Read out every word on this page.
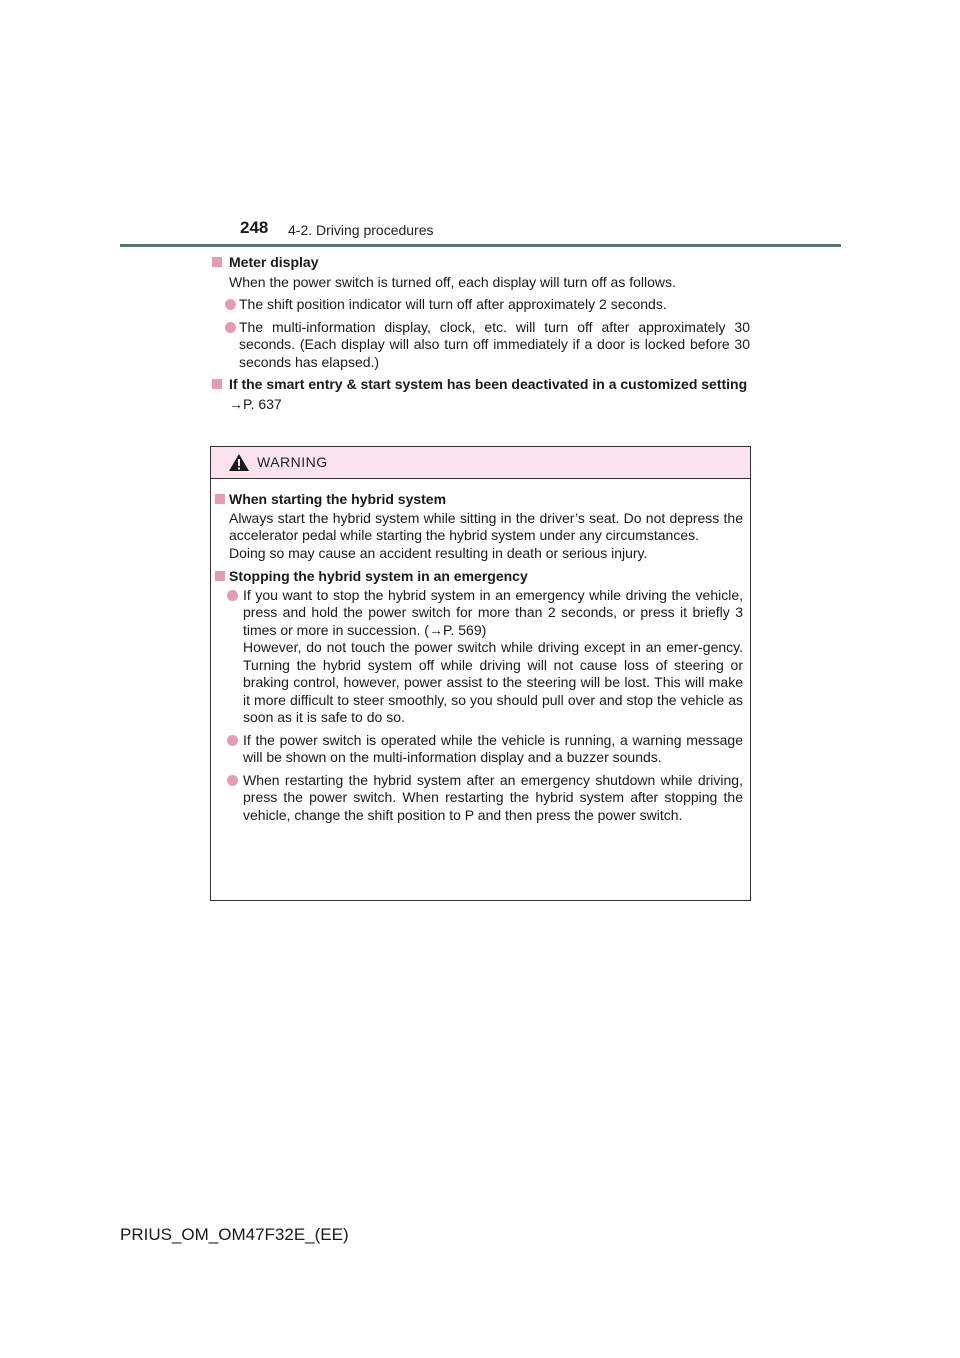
248 4-2. Driving procedures
Meter display
When the power switch is turned off, each display will turn off as follows.
The shift position indicator will turn off after approximately 2 seconds.
The multi-information display, clock, etc. will turn off after approximately 30 seconds. (Each display will also turn off immediately if a door is locked before 30 seconds has elapsed.)
If the smart entry & start system has been deactivated in a customized setting
→P. 637
WARNING
When starting the hybrid system
Always start the hybrid system while sitting in the driver’s seat. Do not depress the accelerator pedal while starting the hybrid system under any circumstances.
Doing so may cause an accident resulting in death or serious injury.
Stopping the hybrid system in an emergency
If you want to stop the hybrid system in an emergency while driving the vehicle, press and hold the power switch for more than 2 seconds, or press it briefly 3 times or more in succession. (→P. 569)
However, do not touch the power switch while driving except in an emer-gency. Turning the hybrid system off while driving will not cause loss of steering or braking control, however, power assist to the steering will be lost. This will make it more difficult to steer smoothly, so you should pull over and stop the vehicle as soon as it is safe to do so.
If the power switch is operated while the vehicle is running, a warning message will be shown on the multi-information display and a buzzer sounds.
When restarting the hybrid system after an emergency shutdown while driving, press the power switch. When restarting the hybrid system after stopping the vehicle, change the shift position to P and then press the power switch.
PRIUS_OM_OM47F32E_(EE)
